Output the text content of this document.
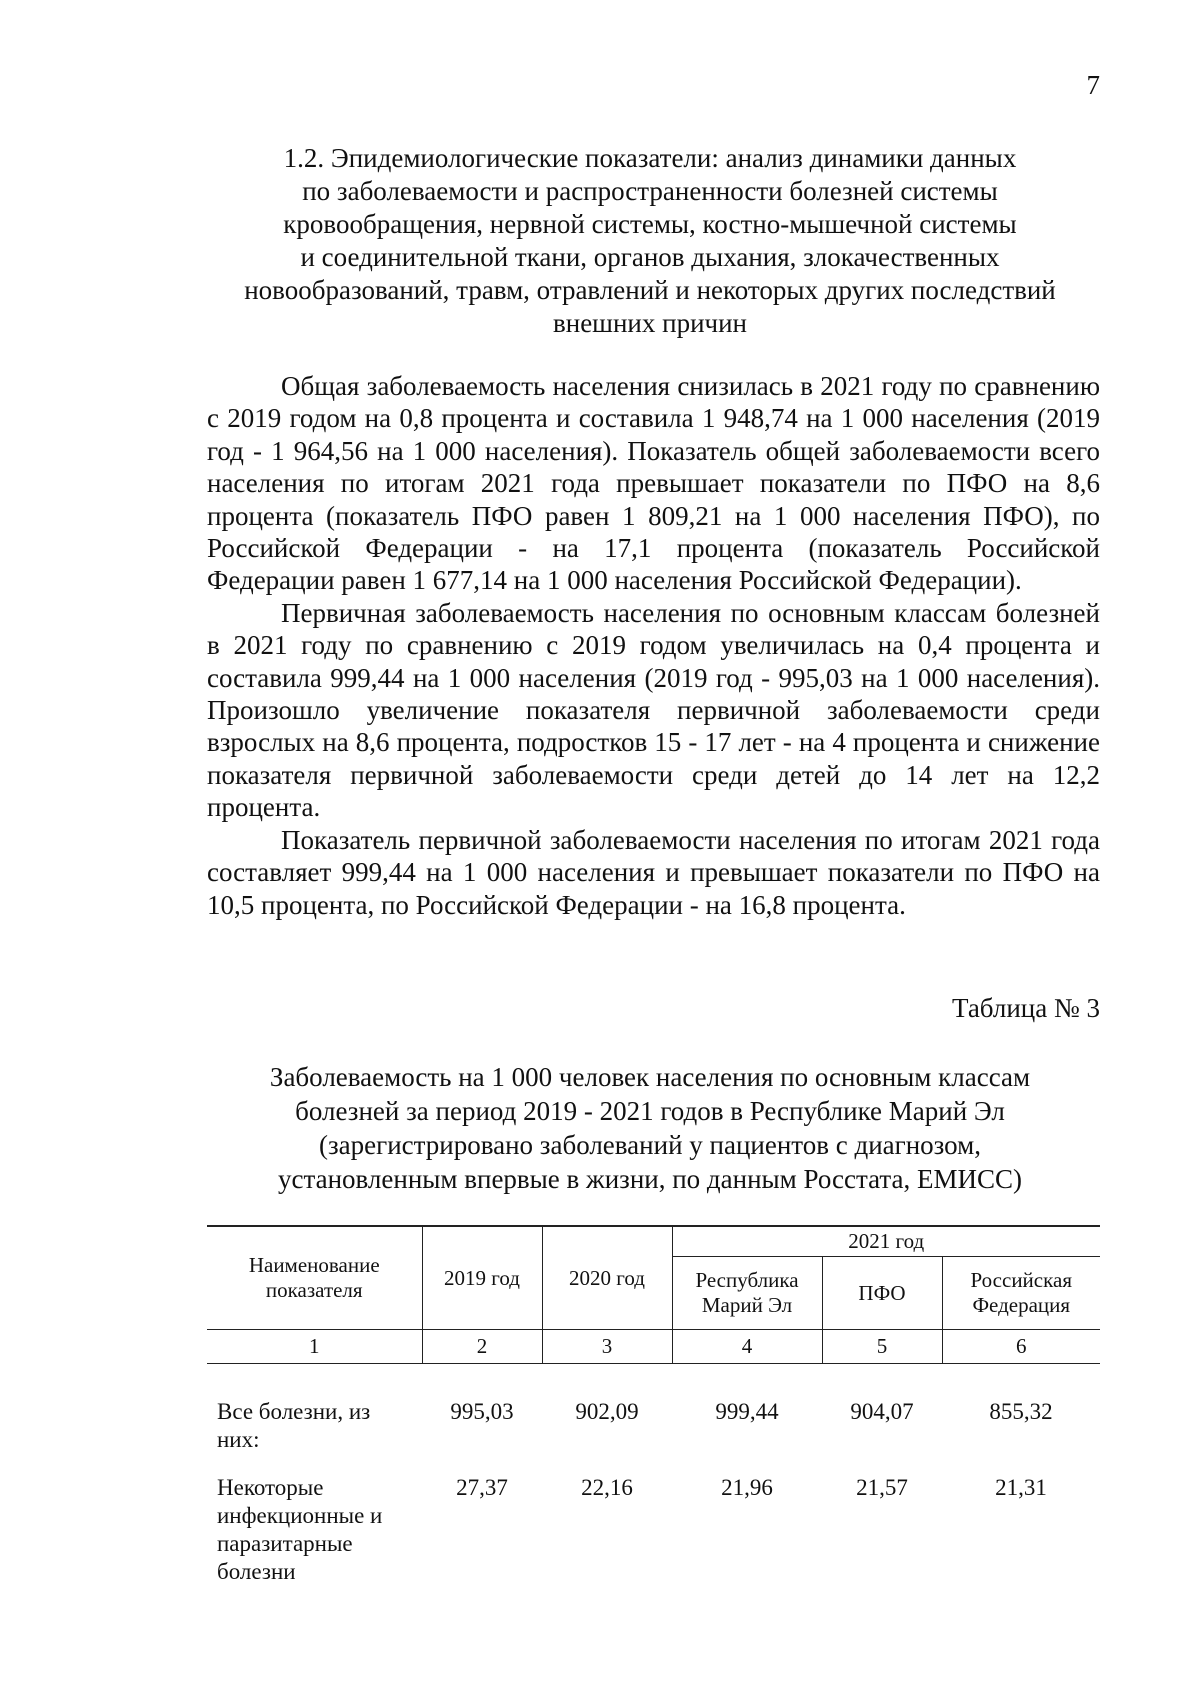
7
1.2. Эпидемиологические показатели: анализ динамики данных
по заболеваемости и распространенности болезней системы
кровообращения, нервной системы, костно-мышечной системы
и соединительной ткани, органов дыхания, злокачественных
новообразований, травм, отравлений и некоторых других последствий
внешних причин

Общая заболеваемость населения снизилась в 2021 году по сравнению с 2019 годом на 0,8 процента и составила 1 948,74 на 1 000 населения (2019 год - 1 964,56 на 1 000 населения). Показатель общей заболеваемости всего населения по итогам 2021 года превышает показатели по ПФО на 8,6 процента (показатель ПФО равен 1 809,21 на 1 000 населения ПФО), по Российской Федерации - на 17,1 процента (показатель Российской Федерации равен 1 677,14 на 1 000 населения Российской Федерации).

Первичная заболеваемость населения по основным классам болезней в 2021 году по сравнению с 2019 годом увеличилась на 0,4 процента и составила 999,44 на 1 000 населения (2019 год - 995,03 на 1 000 населения). Произошло увеличение показателя первичной заболеваемости среди взрослых на 8,6 процента, подростков 15 - 17 лет - на 4 процента и снижение показателя первичной заболеваемости среди детей до 14 лет на 12,2 процента.

Показатель первичной заболеваемости населения по итогам 2021 года составляет 999,44 на 1 000 населения и превышает показатели по ПФО на 10,5 процента, по Российской Федерации - на 16,8 процента.

Таблица № 3
Заболеваемость на 1 000 человек населения по основным классам
болезней за период 2019 - 2021 годов в Республике Марий Эл
(зарегистрировано заболеваний у пациентов с диагнозом,
установленным впервые в жизни, по данным Росстата, ЕМИСС)
Наименование показателя	2019 год	2020 год	2021 год		
			Республика Марий Эл	ПФО	Российская Федерация
1	2	3	4	5	6

Все болезни, из них:	995,03	902,09	999,44	904,07	855,32
Некоторые инфекционные и паразитарные болезни	27,37	22,16	21,96	21,57	21,31
